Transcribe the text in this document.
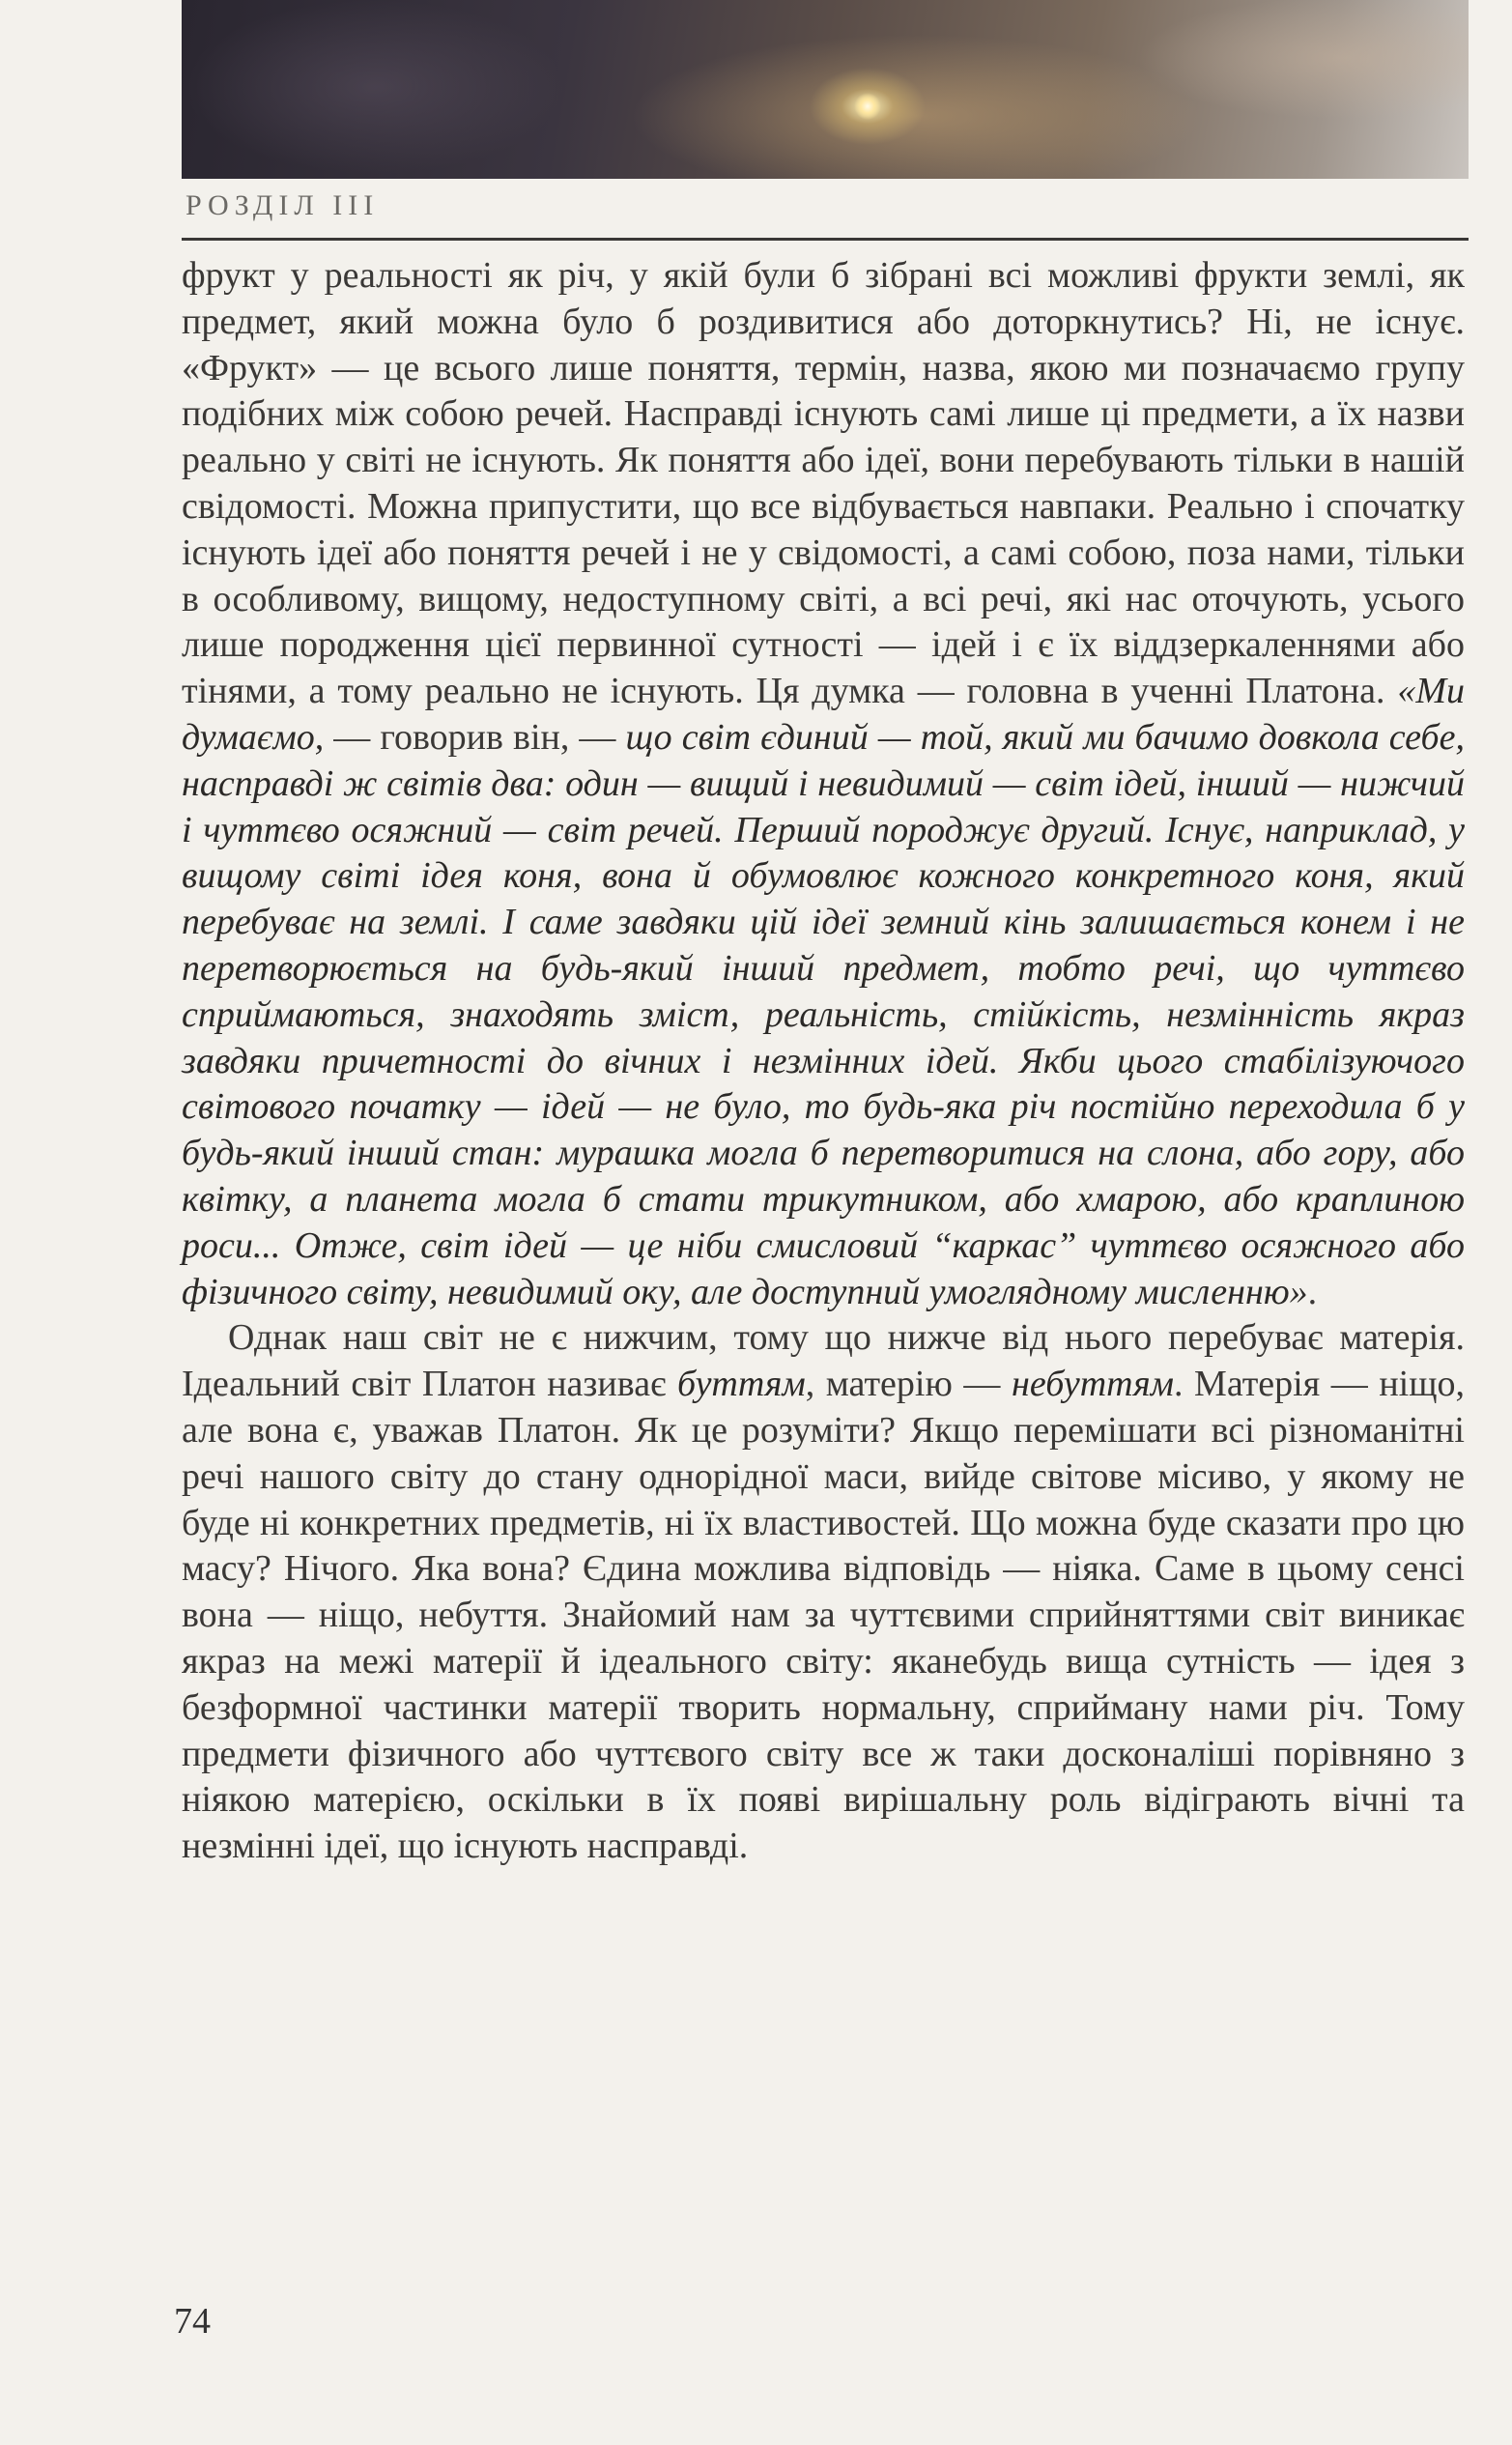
РОЗДІЛ III

фрукт у реальності як річ, у якій були б зібрані всі можливі фрукти землі, як предмет, який можна було б роздивитися або доторкнутись? Ні, не існує. «Фрукт» — це всього лише поняття, термін, назва, якою ми позначаємо групу подібних між собою речей. Насправді існують самі лише ці предмети, а їх назви реально у світі не існують. Як поняття або ідеї, вони перебувають тільки в нашій свідомості. Можна припустити, що все відбувається навпаки. Реально і спочатку існують ідеї або поняття речей і не у свідомості, а самі собою, поза нами, тільки в особливому, вищому, недоступному світі, а всі речі, які нас оточують, усього лише породження цієї первинної сутності — ідей і є їх віддзеркаленнями або тінями, а тому реально не існують. Ця думка — головна в ученні Платона. «Ми думаємо, — говорив він, — що світ єдиний — той, який ми бачимо довкола себе, насправді ж світів два: один — вищий і невидимий — світ ідей, інший — нижчий і чуттєво осяжний — світ речей. Перший породжує другий. Існує, наприклад, у вищому світі ідея коня, вона й обумовлює кожного конкретного коня, який перебуває на землі. І саме завдяки цій ідеї земний кінь залишається конем і не перетворюється на будь-який інший предмет, тобто речі, що чуттєво сприймаються, знаходять зміст, реальність, стійкість, незмінність якраз завдяки причетності до вічних і незмінних ідей. Якби цього стабілізуючого світового початку — ідей — не було, то будь-яка річ постійно переходила б у будь-який інший стан: мурашка могла б перетворитися на слона, або гору, або квітку, а планета могла б стати трикутником, або хмарою, або краплиною роси... Отже, світ ідей — це ніби смисловий “каркас” чуттєво осяжного або фізичного світу, невидимий оку, але доступний умоглядному мисленню».

Однак наш світ не є нижчим, тому що нижче від нього перебуває матерія. Ідеальний світ Платон називає буттям, матерію — небуттям. Матерія — ніщо, але вона є, уважав Платон. Як це розуміти? Якщо перемішати всі різноманітні речі нашого світу до стану однорідної маси, вийде світове місиво, у якому не буде ні конкретних предметів, ні їх властивостей. Що можна буде сказати про цю масу? Нічого. Яка вона? Єдина можлива відповідь — ніяка. Саме в цьому сенсі вона — ніщо, небуття. Знайомий нам за чуттєвими сприйняттями світ виникає якраз на межі матерії й ідеального світу: яканебудь вища сутність — ідея з безформної частинки матерії творить нормальну, сприйману нами річ. Тому предмети фізичного або чуттєвого світу все ж таки досконаліші порівняно з ніякою матерією, оскільки в їх появі вирішальну роль відіграють вічні та незмінні ідеї, що існують насправді.

74
